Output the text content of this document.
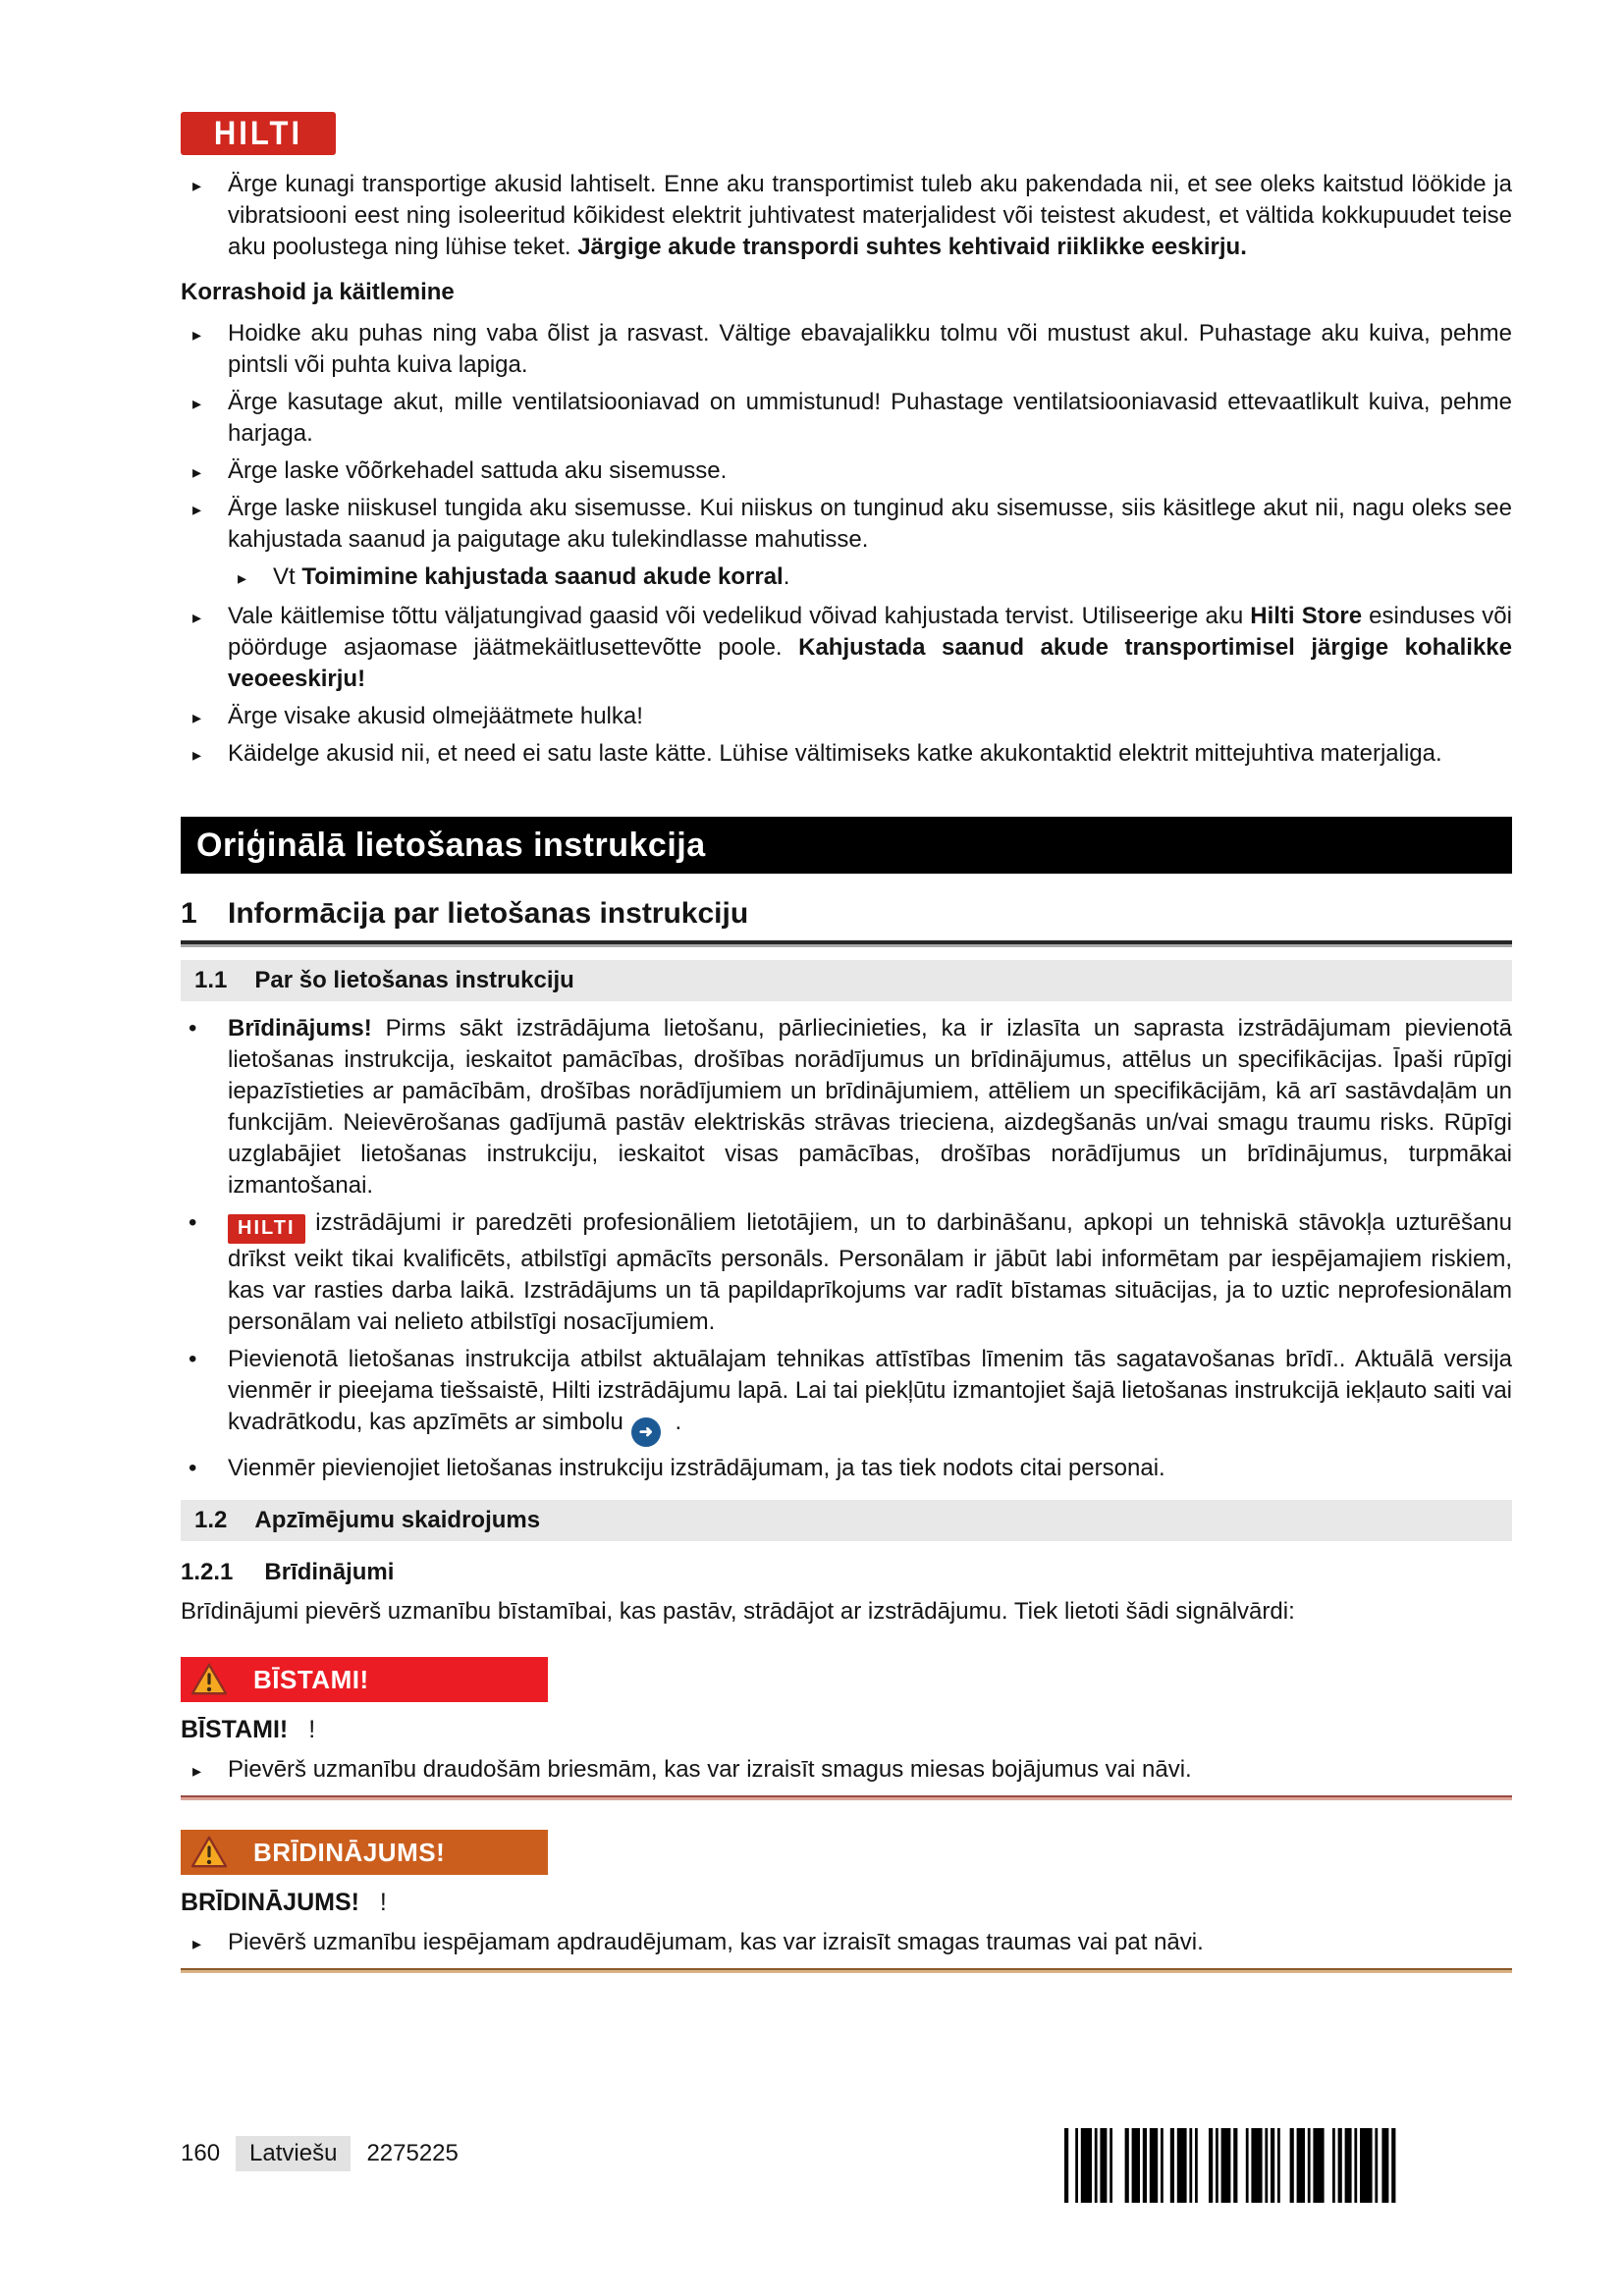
HILTI
▸ Ärge kunagi transportige akusid lahtiselt. Enne aku transportimist tuleb aku pakendada nii, et see oleks kaitstud löökide ja vibratsiooni eest ning isoleeritud kõikidest elektrit juhtivatest materjalidest või teistest akudest, et vältida kokkupuudet teise aku poolustega ning lühise teket. Järgige akude transpordi suhtes kehtivaid riiklikke eeskirju.
Korrashoid ja käitlemine
▸ Hoidke aku puhas ning vaba õlist ja rasvast. Vältige ebavajalikku tolmu või mustust akul. Puhastage aku kuiva, pehme pintsli või puhta kuiva lapiga.
▸ Ärge kasutage akut, mille ventilatsiooniavad on ummistunud! Puhastage ventilatsiooniavasid ettevaatlikult kuiva, pehme harjaga.
▸ Ärge laske võõrkehadel sattuda aku sisemusse.
▸ Ärge laske niiskusel tungida aku sisemusse. Kui niiskus on tunginud aku sisemusse, siis käsitlege akut nii, nagu oleks see kahjustada saanud ja paigutage aku tulekindlasse mahutisse.
▸ Vt Toimimine kahjustada saanud akude korral.
▸ Vale käitlemise tõttu väljatungivad gaasid või vedelikud võivad kahjustada tervist. Utiliseerige aku Hilti Store esinduses või pöörduge asjaomase jäätmekäitlusettevõtte poole. Kahjustada saanud akude transportimisel järgige kohalikke veoeeskirju!
▸ Ärge visake akusid olmejäätmete hulka!
▸ Käidelge akusid nii, et need ei satu laste kätte. Lühise vältimiseks katke akukontaktid elektrit mittejuhtiva materjaliga.
Oriģinālā lietošanas instrukcija
1	Informācija par lietošanas instrukciju
1.1 Par šo lietošanas instrukciju
• Brīdinājums! Pirms sākt izstrādājuma lietošanu, pārliecinieties, ka ir izlasīta un saprasta izstrādājumam pievienotā lietošanas instrukcija, ieskaitot pamācības, drošības norādījumus un brīdinājumus, attēlus un specifikācijas. Īpaši rūpīgi iepazīstieties ar pamācībām, drošības norādījumiem un brīdinājumiem, attēliem un specifikācijām, kā arī sastāvdaļām un funkcijām. Neievērošanas gadījumā pastāv elektriskās strāvas trieciena, aizdegšanās un/vai smagu traumu risks. Rūpīgi uzglabājiet lietošanas instrukciju, ieskaitot visas pamācības, drošības norādījumus un brīdinājumus, turpmākai izmantošanai.
• HILTI izstrādājumi ir paredzēti profesionāliem lietotājiem, un to darbināšanu, apkopi un tehniskā stāvokļa uzturēšanu drīkst veikt tikai kvalificēts, atbilstīgi apmācīts personāls. Personālam ir jābūt labi informētam par iespējamajiem riskiem, kas var rasties darba laikā. Izstrādājums un tā papildaprīkojums var radīt bīstamas situācijas, ja to uztic neprofesionālam personālam vai nelieto atbilstīgi nosacījumiem.
• Pievienotā lietošanas instrukcija atbilst aktuālajam tehnikas attīstības līmenim tās sagatavošanas brīdī.. Aktuālā versija vienmēr ir pieejama tiešsaistē, Hilti izstrādājumu lapā. Lai tai piekļūtu izmantojiet šajā lietošanas instrukcijā iekļauto saiti vai kvadrātkodu, kas apzīmēts ar simbolu ➜ .
• Vienmēr pievienojiet lietošanas instrukciju izstrādājumam, ja tas tiek nodots citai personai.
1.2 Apzīmējumu skaidrojums
1.2.1 Brīdinājumi
Brīdinājumi pievērš uzmanību bīstamībai, kas pastāv, strādājot ar izstrādājumu. Tiek lietoti šādi signālvārdi:
BĪSTAMI!
BĪSTAMI! !
▸ Pievērš uzmanību draudošām briesmām, kas var izraisīt smagus miesas bojājumus vai nāvi.
BRĪDINĀJUMS!
BRĪDINĀJUMS! !
▸ Pievērš uzmanību iespējamam apdraudējumam, kas var izraisīt smagas traumas vai pat nāvi.
160	Latviešu	2275225
